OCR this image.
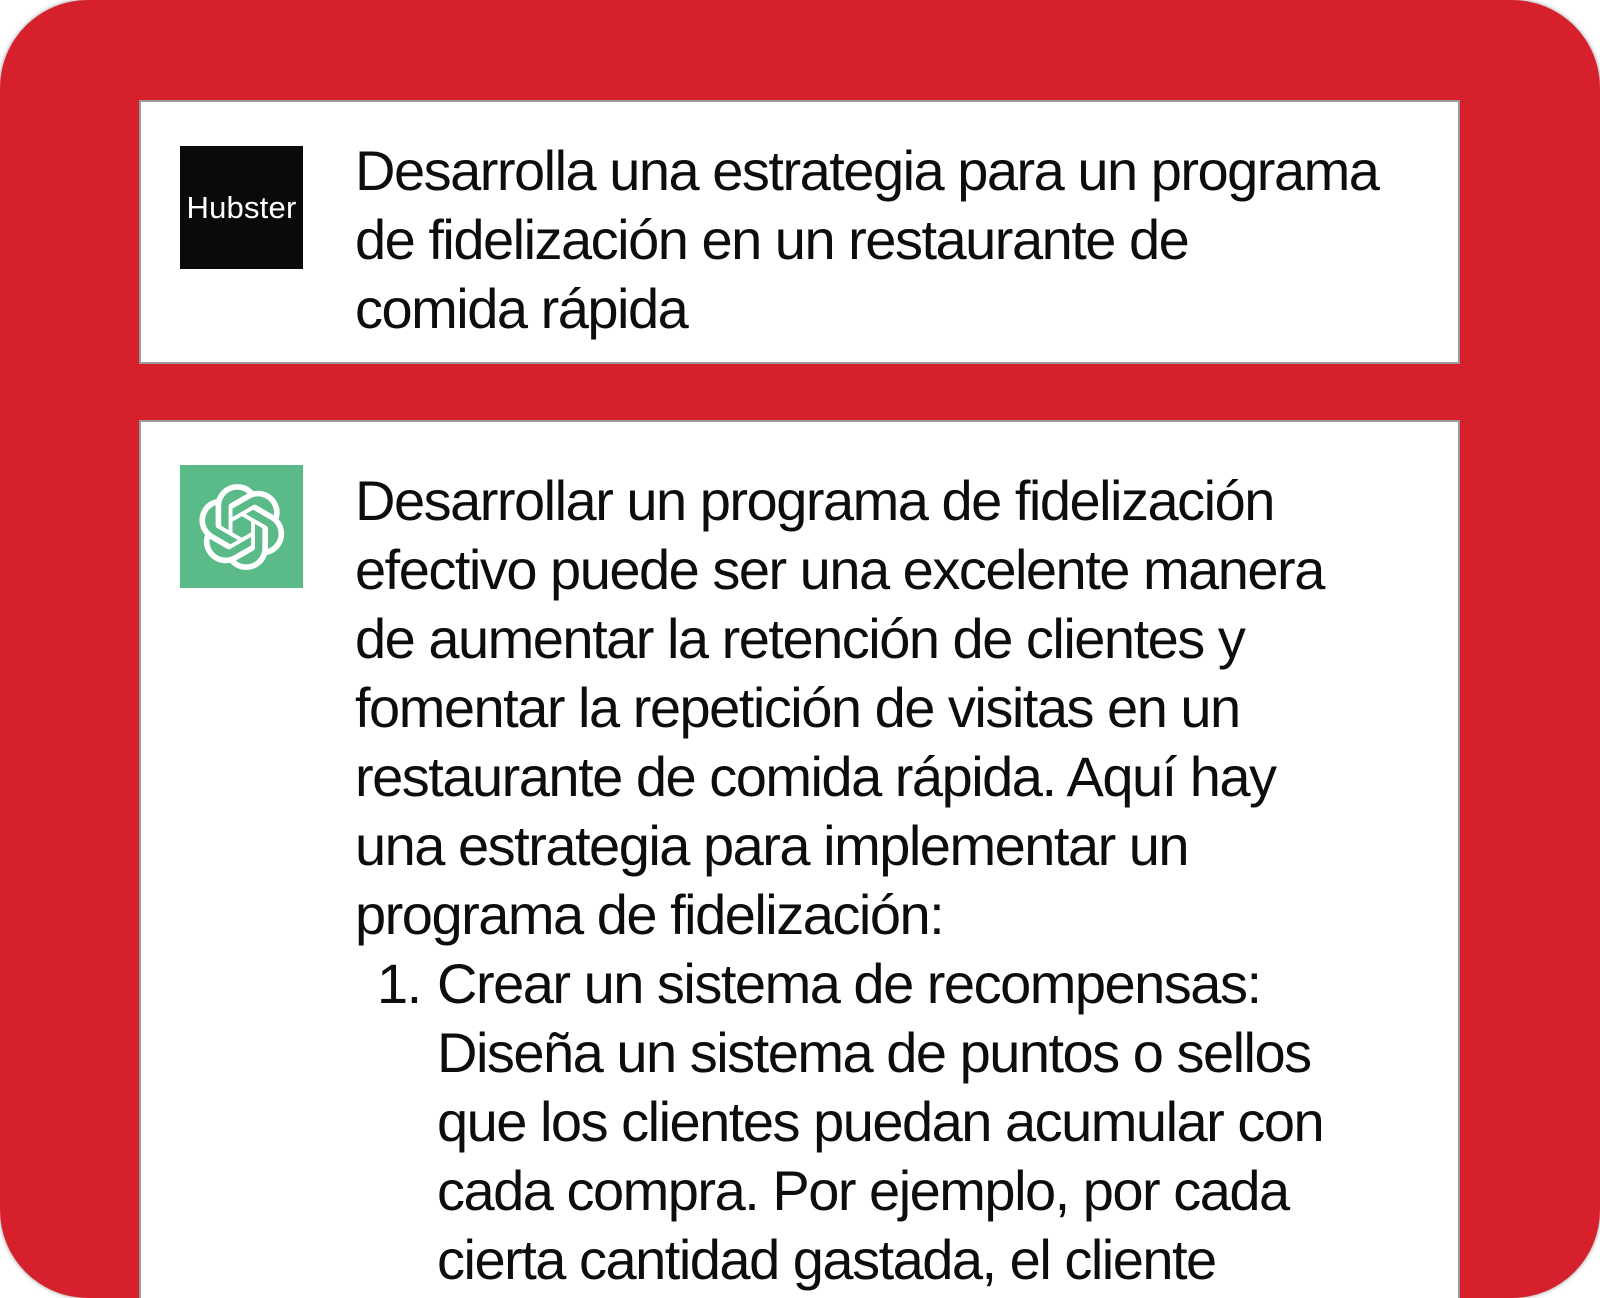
Hubster
Desarrolla una estrategia para un programa
de fidelización en un restaurante de
comida rápida
Desarrollar un programa de fidelización
efectivo puede ser una excelente manera
de aumentar la retención de clientes y
fomentar la repetición de visitas en un
restaurante de comida rápida. Aquí hay
una estrategia para implementar un
programa de fidelización:
1. Crear un sistema de recompensas:
Diseña un sistema de puntos o sellos
que los clientes puedan acumular con
cada compra. Por ejemplo, por cada
cierta cantidad gastada, el cliente
